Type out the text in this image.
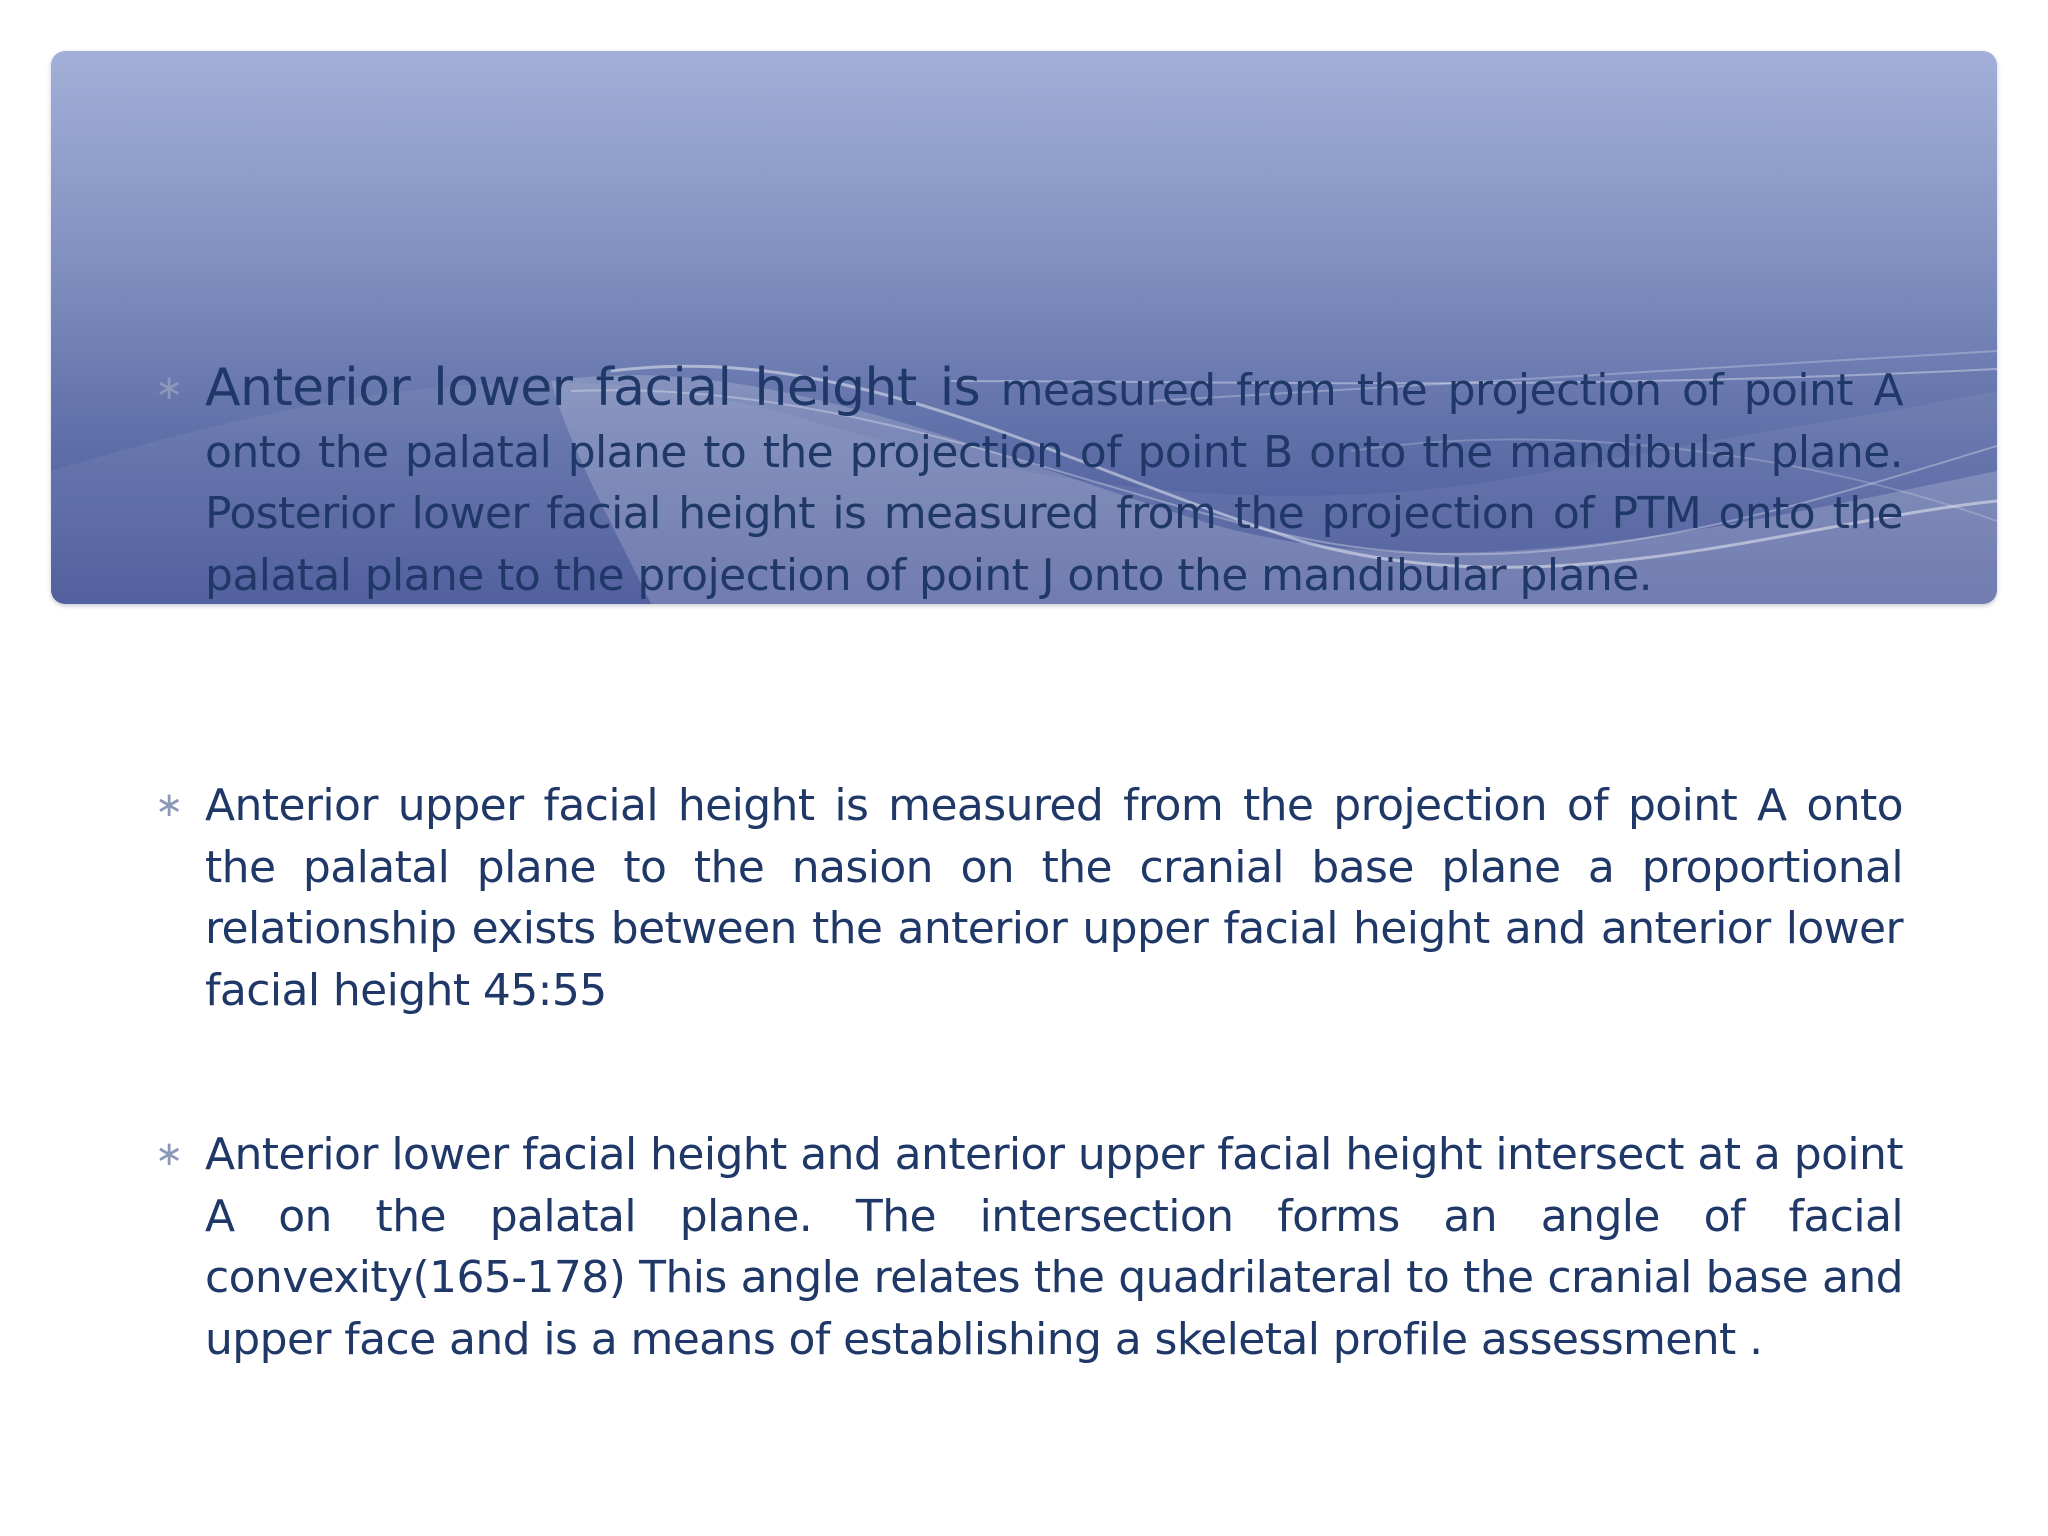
∗ Anterior lower facial height is measured from the projection of point A onto the palatal plane to the projection of point B onto the mandibular plane. Posterior lower facial height is measured from the projection of PTM onto the palatal plane to the projection of point J onto the mandibular plane.
∗ Anterior upper facial height is measured from the projection of point A onto the palatal plane to the nasion on the cranial base plane a proportional relationship exists between the anterior upper facial height and anterior lower facial height 45:55
∗ Anterior lower facial height and anterior upper facial height intersect at a point A on the palatal plane. The intersection forms an angle of facial convexity(165-178) This angle relates the quadrilateral to the cranial base and upper face and is a means of establishing a skeletal profile assessment .
